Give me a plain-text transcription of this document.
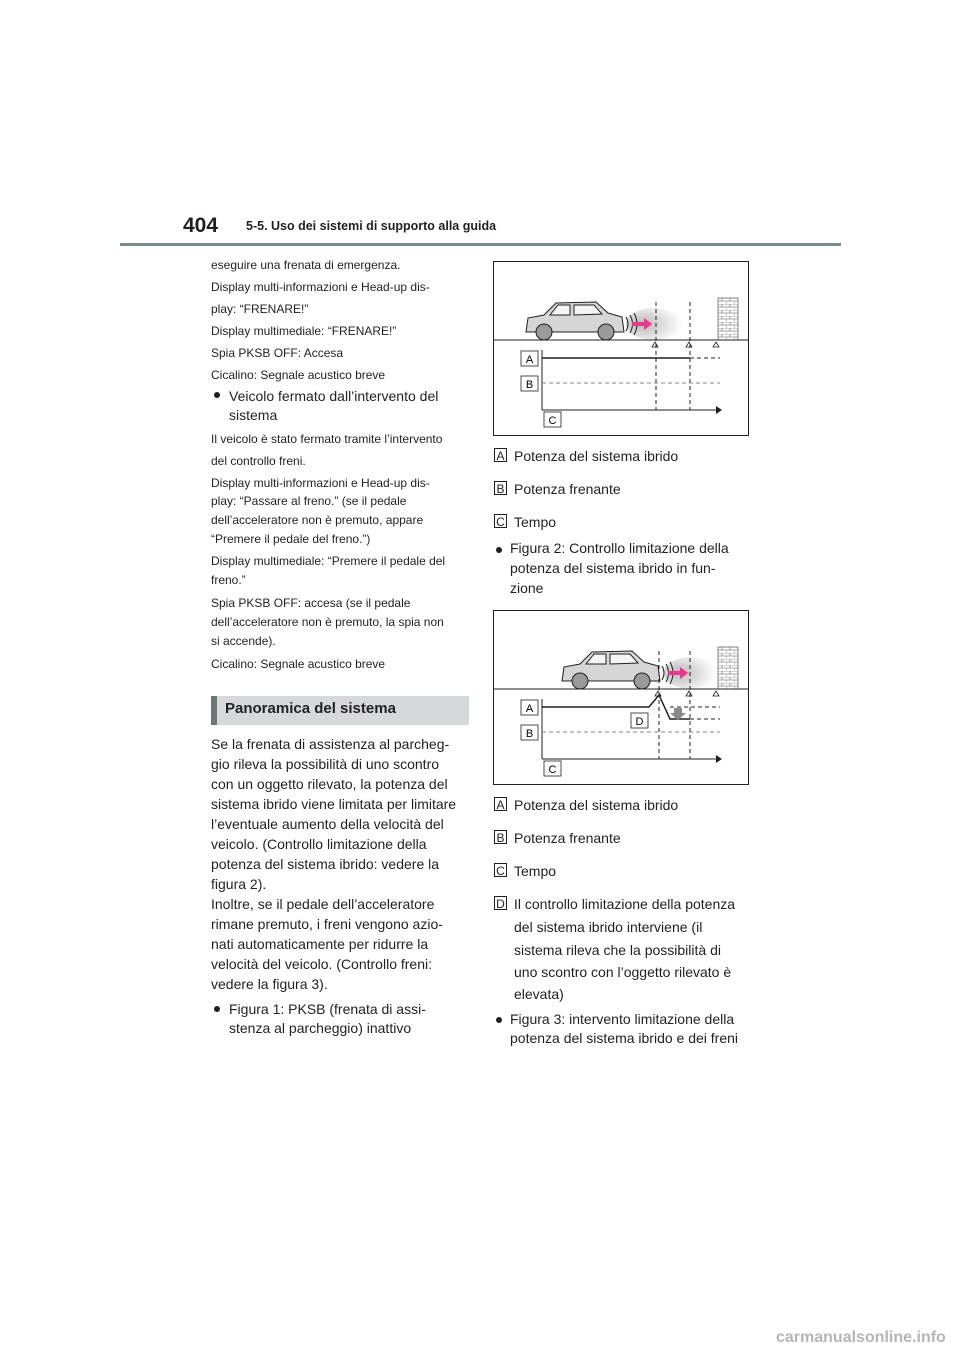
404 5-5. Uso dei sistemi di supporto alla guida
eseguire una frenata di emergenza.
Display multi-informazioni e Head-up dis-
play: “FRENARE!”
Display multimediale: “FRENARE!”
Spia PKSB OFF: Accesa
Cicalino: Segnale acustico breve
Veicolo fermato dall’intervento del
sistema
Il veicolo è stato fermato tramite l’intervento
del controllo freni.
Display multi-informazioni e Head-up dis-
play: “Passare al freno.” (se il pedale
dell’acceleratore non è premuto, appare
“Premere il pedale del freno.”)
Display multimediale: “Premere il pedale del
freno.”
Spia PKSB OFF: accesa (se il pedale
dell’acceleratore non è premuto, la spia non
si accende).
Cicalino: Segnale acustico breve
Panoramica del sistema
Se la frenata di assistenza al parcheg-
gio rileva la possibilità di uno scontro
con un oggetto rilevato, la potenza del
sistema ibrido viene limitata per limitare
l’eventuale aumento della velocità del
veicolo. (Controllo limitazione della
potenza del sistema ibrido: vedere la
figura 2).
Inoltre, se il pedale dell’acceleratore
rimane premuto, i freni vengono azio-
nati automaticamente per ridurre la
velocità del veicolo. (Controllo freni:
vedere la figura 3).
Figura 1: PKSB (frenata di assi-
stenza al parcheggio) inattivo
A
B
C
A Potenza del sistema ibrido
B Potenza frenante
C Tempo
Figura 2: Controllo limitazione della
potenza del sistema ibrido in fun-
zione
A
B
C
D
A Potenza del sistema ibrido
B Potenza frenante
C Tempo
D Il controllo limitazione della potenza
del sistema ibrido interviene (il
sistema rileva che la possibilità di
uno scontro con l’oggetto rilevato è
elevata)
Figura 3: intervento limitazione della
potenza del sistema ibrido e dei freni
carmanualsonline.info
